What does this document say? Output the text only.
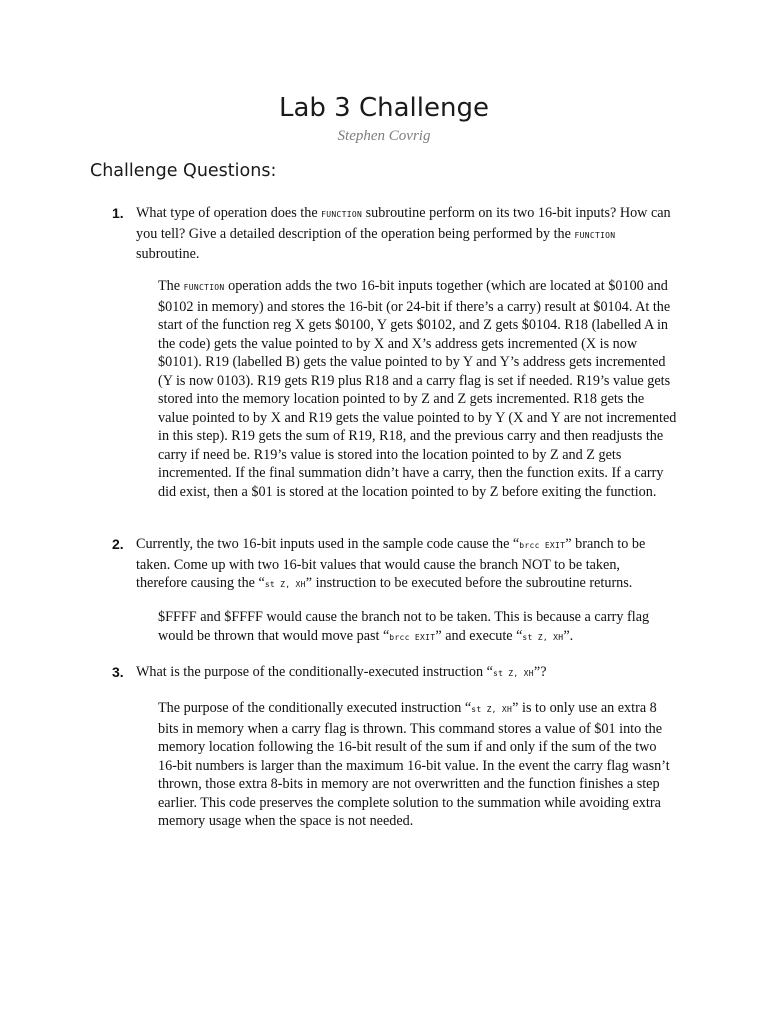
Lab 3 Challenge
Stephen Covrig
Challenge Questions:
1. What type of operation does the FUNCTION subroutine perform on its two 16-bit inputs? How can you tell? Give a detailed description of the operation being performed by the FUNCTION subroutine.
The FUNCTION operation adds the two 16-bit inputs together (which are located at $0100 and $0102 in memory) and stores the 16-bit (or 24-bit if there’s a carry) result at $0104. At the start of the function reg X gets $0100, Y gets $0102, and Z gets $0104. R18 (labelled A in the code) gets the value pointed to by X and X’s address gets incremented (X is now $0101). R19 (labelled B) gets the value pointed to by Y and Y’s address gets incremented (Y is now 0103). R19 gets R19 plus R18 and a carry flag is set if needed. R19’s value gets stored into the memory location pointed to by Z and Z gets incremented. R18 gets the value pointed to by X and R19 gets the value pointed to by Y (X and Y are not incremented in this step). R19 gets the sum of R19, R18, and the previous carry and then readjusts the carry if need be. R19’s value is stored into the location pointed to by Z and Z gets incremented. If the final summation didn’t have a carry, then the function exits. If a carry did exist, then a $01 is stored at the location pointed to by Z before exiting the function.
2. Currently, the two 16-bit inputs used in the sample code cause the “brcc EXIT” branch to be taken. Come up with two 16-bit values that would cause the branch NOT to be taken, therefore causing the “st Z, XH” instruction to be executed before the subroutine returns.
$FFFF and $FFFF would cause the branch not to be taken. This is because a carry flag would be thrown that would move past “brcc EXIT” and execute “st Z, XH”.
3. What is the purpose of the conditionally-executed instruction “st Z, XH”?
The purpose of the conditionally executed instruction “st Z, XH” is to only use an extra 8 bits in memory when a carry flag is thrown. This command stores a value of $01 into the memory location following the 16-bit result of the sum if and only if the sum of the two 16-bit numbers is larger than the maximum 16-bit value. In the event the carry flag wasn’t thrown, those extra 8-bits in memory are not overwritten and the function finishes a step earlier. This code preserves the complete solution to the summation while avoiding extra memory usage when the space is not needed.
